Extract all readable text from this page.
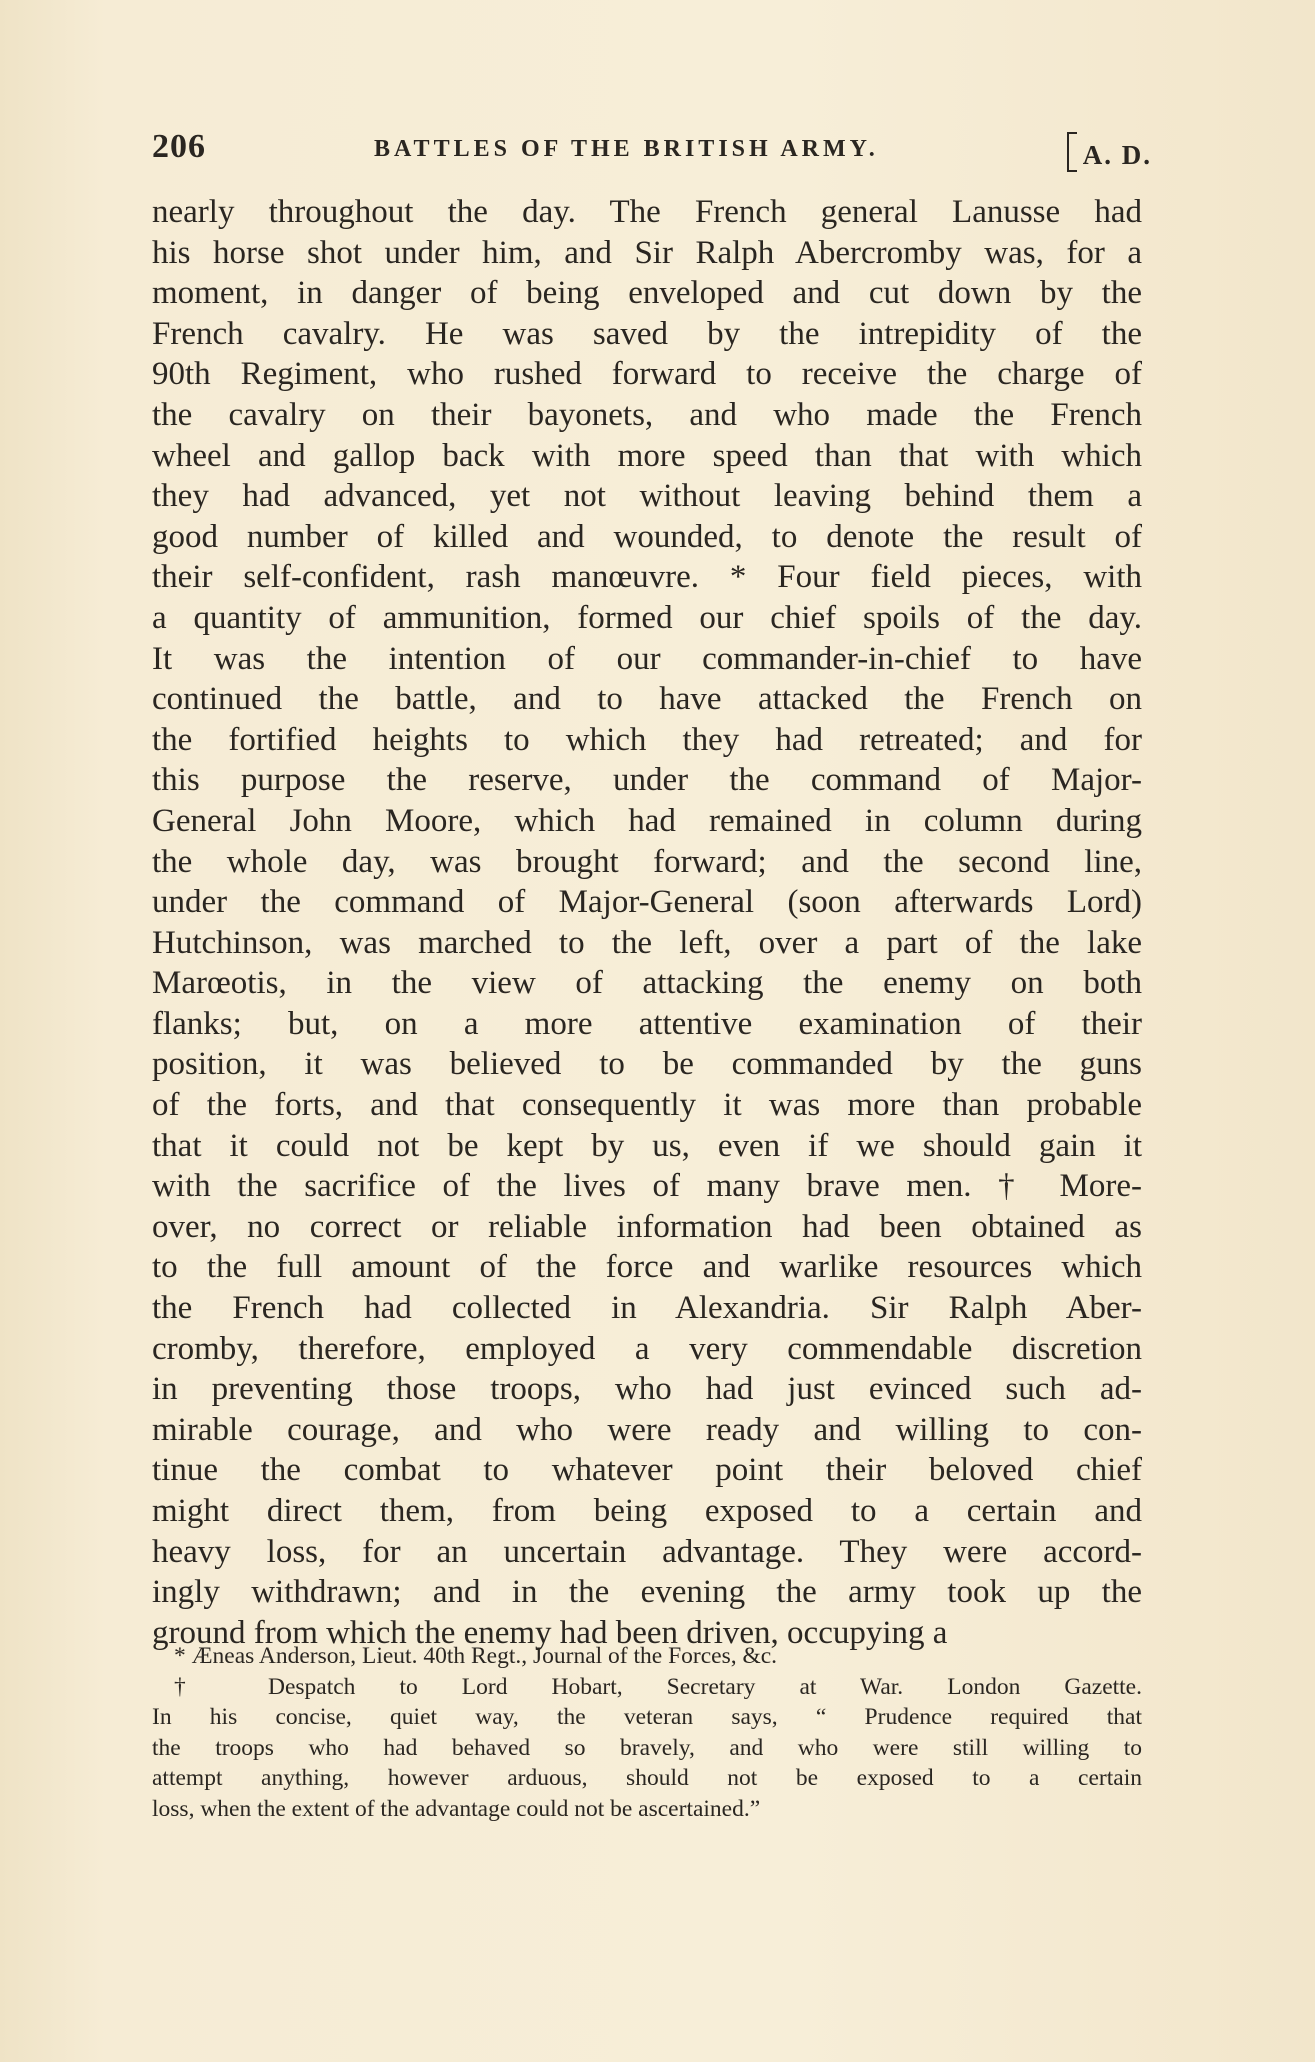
206	BATTLES OF THE BRITISH ARMY.	A. D.
nearly throughout the day. The French general Lanusse had
his horse shot under him, and Sir Ralph Abercromby was, for a
moment, in danger of being enveloped and cut down by the
French cavalry. He was saved by the intrepidity of the
90th Regiment, who rushed forward to receive the charge of
the cavalry on their bayonets, and who made the French
wheel and gallop back with more speed than that with which
they had advanced, yet not without leaving behind them a
good number of killed and wounded, to denote the result of
their self-confident, rash manœuvre. * Four field pieces, with
a quantity of ammunition, formed our chief spoils of the day.
It was the intention of our commander-in-chief to have
continued the battle, and to have attacked the French on
the fortified heights to which they had retreated; and for
this purpose the reserve, under the command of Major-
General John Moore, which had remained in column during
the whole day, was brought forward; and the second line,
under the command of Major-General (soon afterwards Lord)
Hutchinson, was marched to the left, over a part of the lake
Marœotis, in the view of attacking the enemy on both
flanks; but, on a more attentive examination of their
position, it was believed to be commanded by the guns
of the forts, and that consequently it was more than probable
that it could not be kept by us, even if we should gain it
with the sacrifice of the lives of many brave men. † More-
over, no correct or reliable information had been obtained as
to the full amount of the force and warlike resources which
the French had collected in Alexandria. Sir Ralph Aber-
cromby, therefore, employed a very commendable discretion
in preventing those troops, who had just evinced such ad-
mirable courage, and who were ready and willing to con-
tinue the combat to whatever point their beloved chief
might direct them, from being exposed to a certain and
heavy loss, for an uncertain advantage. They were accord-
ingly withdrawn; and in the evening the army took up the
ground from which the enemy had been driven, occupying a
* Æneas Anderson, Lieut. 40th Regt., Journal of the Forces, &c.
† Despatch to Lord Hobart, Secretary at War. London Gazette.
In his concise, quiet way, the veteran says, “ Prudence required that
the troops who had behaved so bravely, and who were still willing to
attempt anything, however arduous, should not be exposed to a certain
loss, when the extent of the advantage could not be ascertained.”
